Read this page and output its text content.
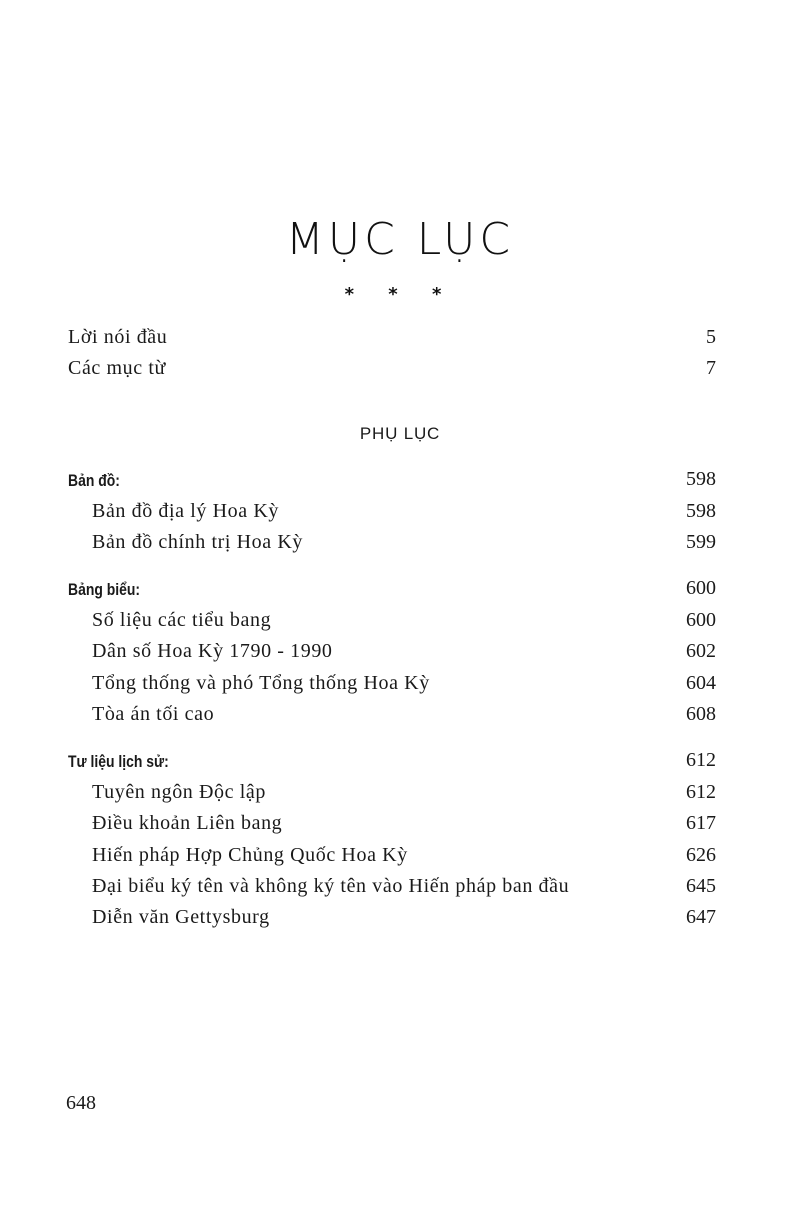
MỤC LỤC
* * *
Lời nói đầu	5
Các mục từ	7
PHỤ LỤC
Bản đồ:	598
Bản đồ địa lý Hoa Kỳ	598
Bản đồ chính trị Hoa Kỳ	599
Bảng biểu:	600
Số liệu các tiểu bang	600
Dân số Hoa Kỳ 1790 - 1990	602
Tổng thống và phó Tổng thống Hoa Kỳ	604
Tòa án tối cao	608
Tư liệu lịch sử:	612
Tuyên ngôn Độc lập	612
Điều khoản Liên bang	617
Hiến pháp Hợp Chủng Quốc Hoa Kỳ	626
Đại biểu ký tên và không ký tên vào Hiến pháp ban đầu	645
Diễn văn Gettysburg	647
648
